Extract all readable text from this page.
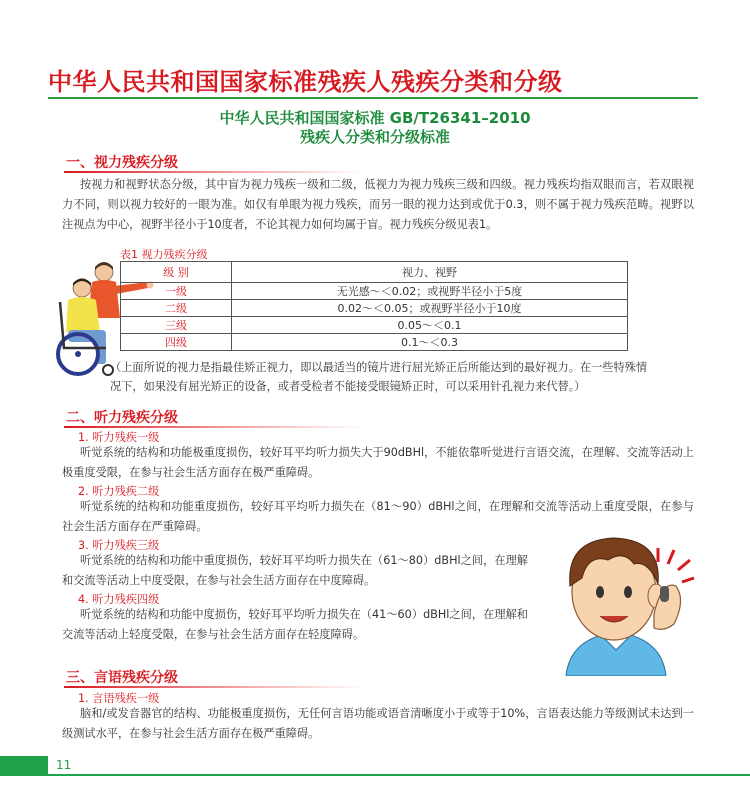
中华人民共和国国家标准残疾人残疾分类和分级
中华人民共和国国家标准 GB/T26341–2010
残疾人分类和分级标准
一、视力残疾分级
按视力和视野状态分级，其中盲为视力残疾一级和二级，低视力为视力残疾三级和四级。视力残疾均指双眼而言，若双眼视力不同，则以视力较好的一眼为准。如仅有单眼为视力残疾，而另一眼的视力达到或优于0.3，则不属于视力残疾范畴。视野以注视点为中心，视野半径小于10度者，不论其视力如何均属于盲。视力残疾分级见表1。
表1 视力残疾分级
级 别	视力、视野
一级	无光感～＜0.02；或视野半径小于5度
二级	0.02～＜0.05；或视野半径小于10度
三级	0.05～＜0.1
四级	0.1～＜0.3
（上面所说的视力是指最佳矫正视力，即以最适当的镜片进行屈光矫正后所能达到的最好视力。在一些特殊情况下，如果没有屈光矫正的设备，或者受检者不能接受眼镜矫正时，可以采用针孔视力来代替。）
二、听力残疾分级
1. 听力残疾一级
听觉系统的结构和功能极重度损伤，较好耳平均听力损失大于90dBHl，不能依靠听觉进行言语交流，在理解、交流等活动上极重度受限，在参与社会生活方面存在极严重障碍。
2. 听力残疾二级
听觉系统的结构和功能重度损伤，较好耳平均听力损失在（81～90）dBHl之间，在理解和交流等活动上重度受限，在参与社会生活方面存在严重障碍。
3. 听力残疾三级
听觉系统的结构和功能中重度损伤，较好耳平均听力损失在（61～80）dBHl之间，在理解和交流等活动上中度受限，在参与社会生活方面存在中度障碍。
4. 听力残疾四级
听觉系统的结构和功能中度损伤，较好耳平均听力损失在（41～60）dBHl之间，在理解和交流等活动上轻度受限，在参与社会生活方面存在轻度障碍。
三、言语残疾分级
1. 言语残疾一级
脑和/或发音器官的结构、功能极重度损伤，无任何言语功能或语音清晰度小于或等于10%，言语表达能力等级测试未达到一级测试水平，在参与社会生活方面存在极严重障碍。
11
